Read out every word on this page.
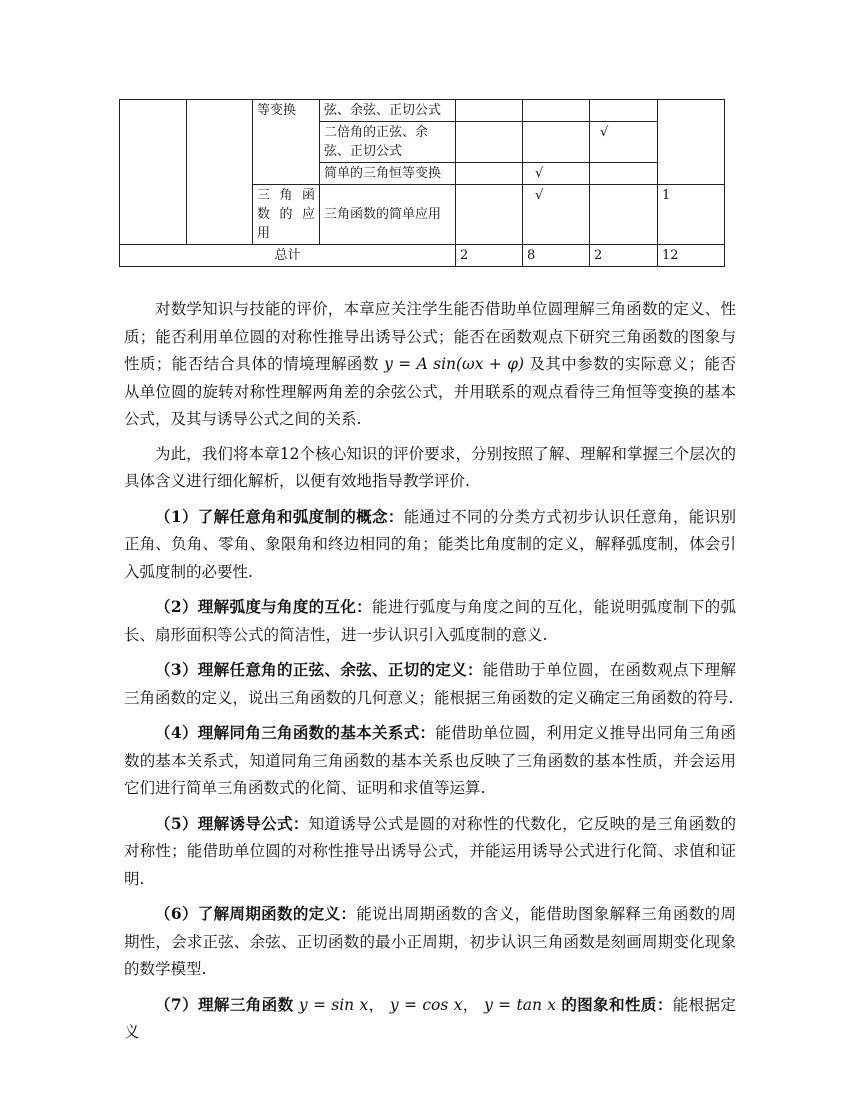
		等变换	弦、余弦、正切公式				
			二倍角的正弦、余弦、正切公式			√	
			简单的三角恒等变换		√		
		三 角 函数 的 应用	三角函数的简单应用		√		1
总计				2	8	2	12

对数学知识与技能的评价，本章应关注学生能否借助单位圆理解三角函数的定义、性质；能否利用单位圆的对称性推导出诱导公式；能否在函数观点下研究三角函数的图象与性质；能否结合具体的情境理解函数 y = A sin(ωx + φ) 及其中参数的实际意义；能否从单位圆的旋转对称性理解两角差的余弦公式，并用联系的观点看待三角恒等变换的基本公式，及其与诱导公式之间的关系.

为此，我们将本章12个核心知识的评价要求，分别按照了解、理解和掌握三个层次的具体含义进行细化解析，以便有效地指导教学评价.

（1）了解任意角和弧度制的概念：能通过不同的分类方式初步认识任意角，能识别正角、负角、零角、象限角和终边相同的角；能类比角度制的定义，解释弧度制，体会引入弧度制的必要性.

（2）理解弧度与角度的互化：能进行弧度与角度之间的互化，能说明弧度制下的弧长、扇形面积等公式的简洁性，进一步认识引入弧度制的意义.

（3）理解任意角的正弦、余弦、正切的定义：能借助于单位圆，在函数观点下理解三角函数的定义，说出三角函数的几何意义；能根据三角函数的定义确定三角函数的符号.

（4）理解同角三角函数的基本关系式：能借助单位圆，利用定义推导出同角三角函数的基本关系式，知道同角三角函数的基本关系也反映了三角函数的基本性质，并会运用它们进行简单三角函数式的化简、证明和求值等运算.

（5）理解诱导公式：知道诱导公式是圆的对称性的代数化，它反映的是三角函数的对称性；能借助单位圆的对称性推导出诱导公式，并能运用诱导公式进行化简、求值和证明.

（6）了解周期函数的定义：能说出周期函数的含义，能借助图象解释三角函数的周期性，会求正弦、余弦、正切函数的最小正周期，初步认识三角函数是刻画周期变化现象的数学模型.

（7）理解三角函数 y = sin x， y = cos x， y = tan x 的图象和性质：能根据定义
